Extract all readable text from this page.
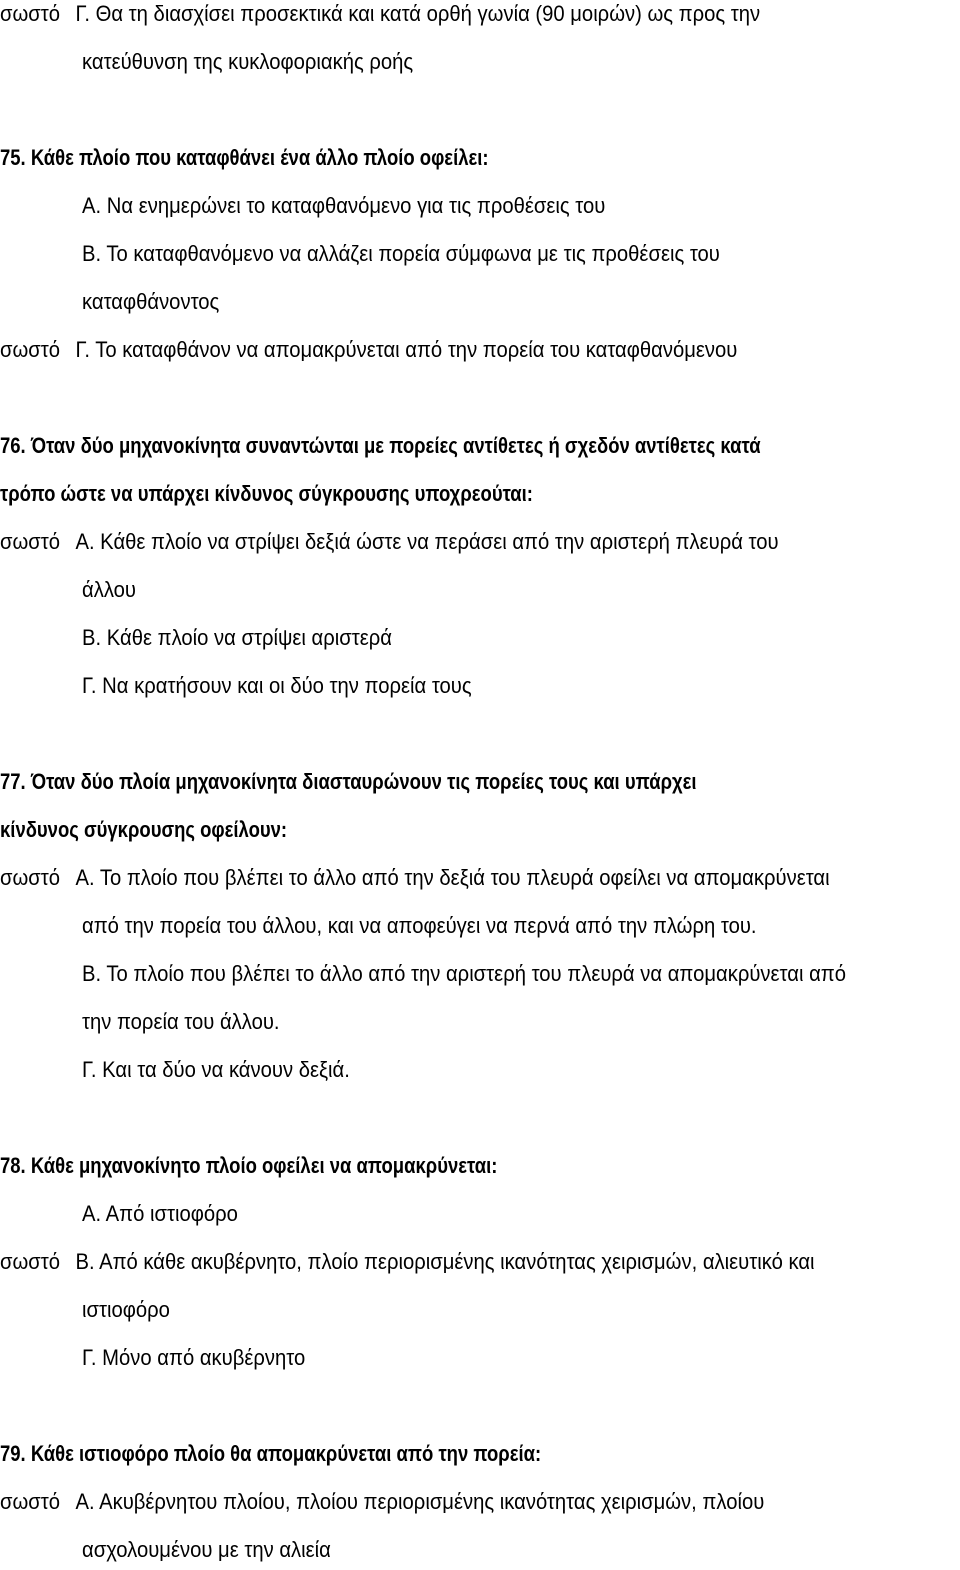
σωστό Γ. Θα τη διασχίσει προσεκτικά και κατά ορθή γωνία (90 μοιρών) ως προς την
κατεύθυνση της κυκλοφοριακής ροής
75. Κάθε πλοίο που καταφθάνει ένα άλλο πλοίο οφείλει:
Α. Να ενημερώνει το καταφθανόμενο για τις προθέσεις του
Β. Το καταφθανόμενο να αλλάζει πορεία σύμφωνα με τις προθέσεις του
καταφθάνοντος
σωστό Γ. Το καταφθάνον να απομακρύνεται από την πορεία του καταφθανόμενου
76. Όταν δύο μηχανοκίνητα συναντώνται με πορείες αντίθετες ή σχεδόν αντίθετες κατά
τρόπο ώστε να υπάρχει κίνδυνος σύγκρουσης υποχρεούται:
σωστό Α. Κάθε πλοίο να στρίψει δεξιά ώστε να περάσει από την αριστερή πλευρά του
άλλου
Β. Κάθε πλοίο να στρίψει αριστερά
Γ. Να κρατήσουν και οι δύο την πορεία τους
77. Όταν δύο πλοία μηχανοκίνητα διασταυρώνουν τις πορείες τους και υπάρχει
κίνδυνος σύγκρουσης οφείλουν:
σωστό Α. Το πλοίο που βλέπει το άλλο από την δεξιά του πλευρά οφείλει να απομακρύνεται
από την πορεία του άλλου, και να αποφεύγει να περνά από την πλώρη του.
Β. Το πλοίο που βλέπει το άλλο από την αριστερή του πλευρά να απομακρύνεται από
την πορεία του άλλου.
Γ. Και τα δύο να κάνουν δεξιά.
78. Κάθε μηχανοκίνητο πλοίο οφείλει να απομακρύνεται:
Α. Από ιστιοφόρο
σωστό Β. Από κάθε ακυβέρνητο, πλοίο περιορισμένης ικανότητας χειρισμών, αλιευτικό και
ιστιοφόρο
Γ. Μόνο από ακυβέρνητο
79. Κάθε ιστιοφόρο πλοίο θα απομακρύνεται από την πορεία:
σωστό Α. Ακυβέρνητου πλοίου, πλοίου περιορισμένης ικανότητας χειρισμών, πλοίου
ασχολουμένου με την αλιεία
